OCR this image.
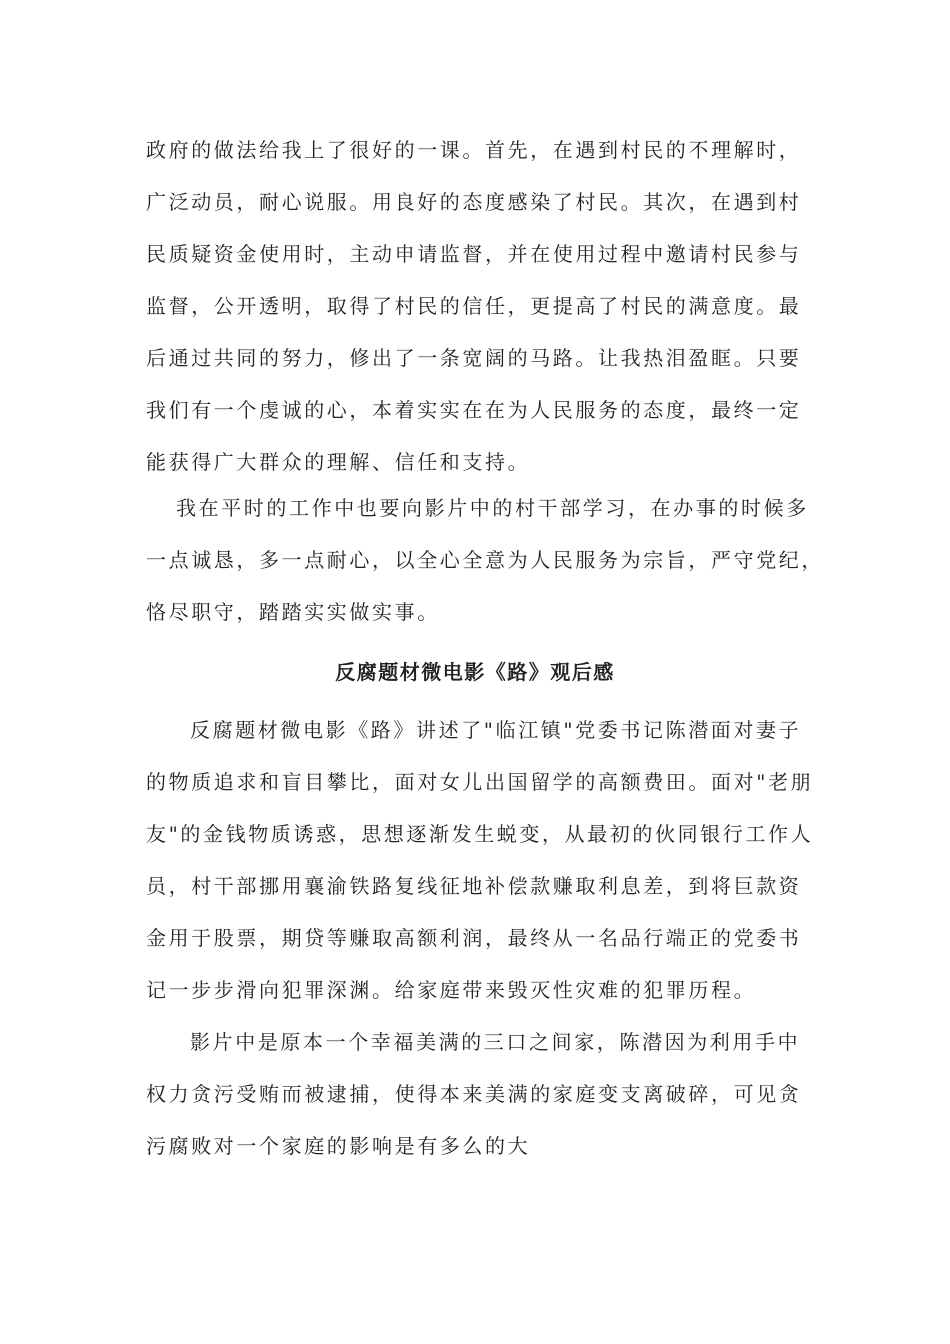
政府的做法给我上了很好的一课。首先，在遇到村民的不理解时，
广泛动员，耐心说服。用良好的态度感染了村民。其次，在遇到村
民质疑资金使用时，主动申请监督，并在使用过程中邀请村民参与
监督，公开透明，取得了村民的信任，更提高了村民的满意度。最
后通过共同的努力，修出了一条宽阔的马路。让我热泪盈眶。只要
我们有一个虔诚的心，本着实实在在为人民服务的态度，最终一定
能获得广大群众的理解、信任和支持。
我在平时的工作中也要向影片中的村干部学习，在办事的时候多
一点诚恳，多一点耐心，以全心全意为人民服务为宗旨，严守党纪，
恪尽职守，踏踏实实做实事。
反腐题材微电影《路》观后感
反腐题材微电影《路》讲述了"临江镇"党委书记陈潜面对妻子
的物质追求和盲目攀比，面对女儿出国留学的高额费田。面对"老朋
友"的金钱物质诱惑，思想逐渐发生蜕变，从最初的伙同银行工作人
员，村干部挪用襄渝铁路复线征地补偿款赚取利息差，到将巨款资
金用于股票，期贷等赚取高额利润，最终从一名品行端正的党委书
记一步步滑向犯罪深渊。给家庭带来毁灭性灾难的犯罪历程。
影片中是原本一个幸福美满的三口之间家，陈潜因为利用手中
权力贪污受贿而被逮捕，使得本来美满的家庭变支离破碎，可见贪
污腐败对一个家庭的影响是有多么的大
